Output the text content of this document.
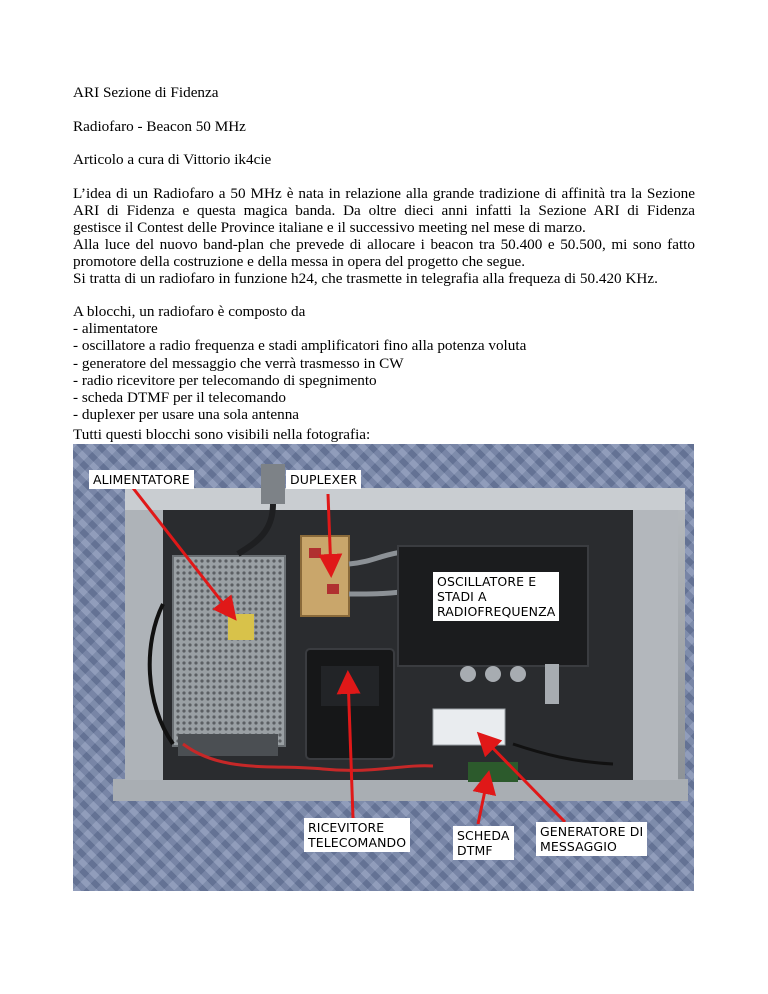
ARI Sezione di Fidenza
Radiofaro - Beacon 50 MHz
Articolo a cura di Vittorio ik4cie

L’idea di un Radiofaro a 50 MHz è nata in relazione alla grande tradizione di affinità tra la Sezione

ARI di Fidenza e questa magica banda. Da oltre dieci anni infatti la Sezione ARI di Fidenza

gestisce il Contest delle Province italiane e il successivo meeting nel mese di marzo.

Alla luce del nuovo band-plan che prevede di allocare i beacon tra 50.400 e 50.500, mi sono fatto

promotore della costruzione e della messa in opera del progetto che segue.

Si tratta di un radiofaro in funzione h24, che trasmette in telegrafia alla frequeza di 50.420 KHz.

A blocchi, un radiofaro è composto da
- alimentatore
- oscillatore a radio frequenza e stadi amplificatori fino alla potenza voluta
- generatore del messaggio che verrà trasmesso in CW
- radio ricevitore per telecomando di spegnimento
- scheda DTMF per il telecomando
- duplexer per usare una sola antenna
Tutti questi blocchi sono visibili nella fotografia:
ALIMENTATORE	DUPLEXER
OSCILLATORE E
STADI A
RADIOFREQUENZA
RICEVITORE
TELECOMANDO	SCHEDA
DTMF
GENERATORE DI
MESSAGGIO
